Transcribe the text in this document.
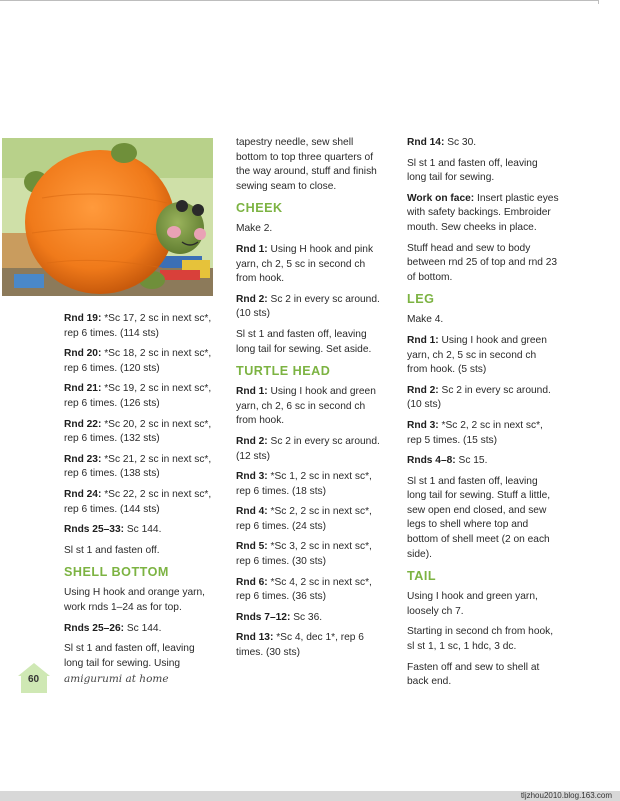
Rnd 19: *Sc 17, 2 sc in next sc*, rep 6 times. (114 sts)

Rnd 20: *Sc 18, 2 sc in next sc*, rep 6 times. (120 sts)

Rnd 21: *Sc 19, 2 sc in next sc*, rep 6 times. (126 sts)

Rnd 22: *Sc 20, 2 sc in next sc*, rep 6 times. (132 sts)

Rnd 23: *Sc 21, 2 sc in next sc*, rep 6 times. (138 sts)

Rnd 24: *Sc 22, 2 sc in next sc*, rep 6 times. (144 sts)

Rnds 25–33: Sc 144.

Sl st 1 and fasten off.

SHELL BOTTOM

Using H hook and orange yarn, work rnds 1–24 as for top.

Rnds 25–26: Sc 144.

Sl st 1 and fasten off, leaving long tail for sewing. Using

tapestry needle, sew shell bottom to top three quarters of the way around, stuff and finish sewing seam to close.

CHEEK

Make 2.

Rnd 1: Using H hook and pink yarn, ch 2, 5 sc in second ch from hook.

Rnd 2: Sc 2 in every sc around. (10 sts)

Sl st 1 and fasten off, leaving long tail for sewing. Set aside.

TURTLE HEAD

Rnd 1: Using I hook and green yarn, ch 2, 6 sc in second ch from hook.

Rnd 2: Sc 2 in every sc around. (12 sts)

Rnd 3: *Sc 1, 2 sc in next sc*, rep 6 times. (18 sts)

Rnd 4: *Sc 2, 2 sc in next sc*, rep 6 times. (24 sts)

Rnd 5: *Sc 3, 2 sc in next sc*, rep 6 times. (30 sts)

Rnd 6: *Sc 4, 2 sc in next sc*, rep 6 times. (36 sts)

Rnds 7–12: Sc 36.

Rnd 13: *Sc 4, dec 1*, rep 6 times. (30 sts)

Rnd 14: Sc 30.

Sl st 1 and fasten off, leaving long tail for sewing.

Work on face: Insert plastic eyes with safety backings. Embroider mouth. Sew cheeks in place.

Stuff head and sew to body between rnd 25 of top and rnd 23 of bottom.

LEG

Make 4.

Rnd 1: Using I hook and green yarn, ch 2, 5 sc in second ch from hook. (5 sts)

Rnd 2: Sc 2 in every sc around. (10 sts)

Rnd 3: *Sc 2, 2 sc in next sc*, rep 5 times. (15 sts)

Rnds 4–8: Sc 15.

Sl st 1 and fasten off, leaving long tail for sewing. Stuff a little, sew open end closed, and sew legs to shell where top and bottom of shell meet (2 on each side).

TAIL

Using I hook and green yarn, loosely ch 7.

Starting in second ch from hook, sl st 1, 1 sc, 1 hdc, 3 dc.

Fasten off and sew to shell at back end.

60 amigurumi at home
tljzhou2010.blog.163.com
